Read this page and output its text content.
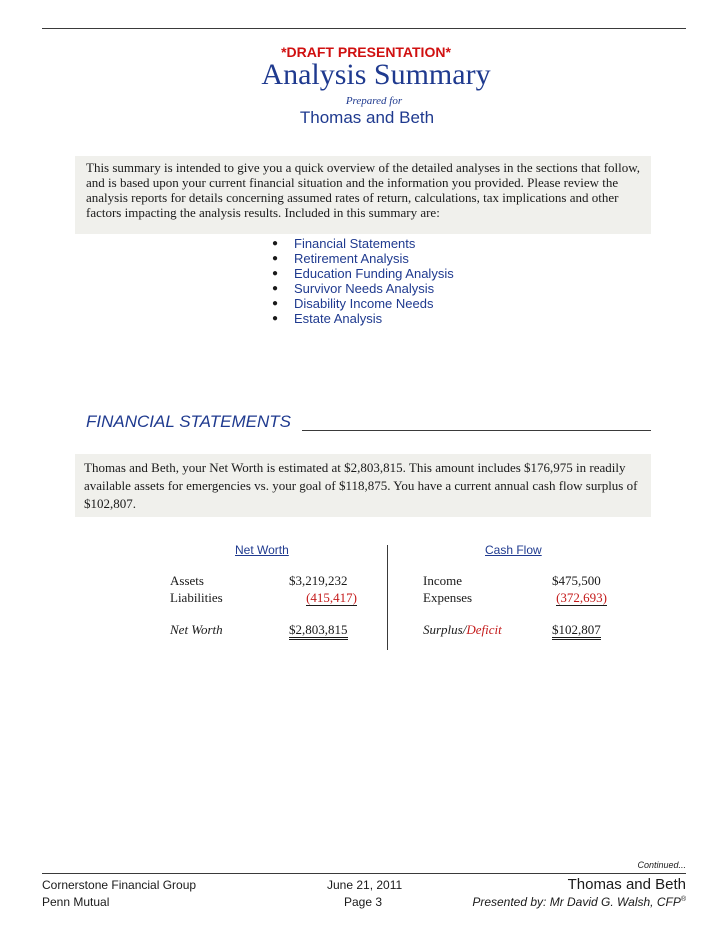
*DRAFT PRESENTATION*
Analysis Summary
Prepared for
Thomas and Beth
This summary is intended to give you a quick overview of the detailed analyses in the sections that follow, and is based upon your current financial situation and the information you provided. Please review the analysis reports for details concerning assumed rates of return, calculations, tax implications and other factors impacting the analysis results. Included in this summary are:
● Financial Statements
● Retirement Analysis
● Education Funding Analysis
● Survivor Needs Analysis
● Disability Income Needs
● Estate Analysis
FINANCIAL STATEMENTS
Thomas and Beth, your Net Worth is estimated at $2,803,815. This amount includes $176,975 in readily available assets for emergencies vs. your goal of $118,875. You have a current annual cash flow surplus of $102,807.
Net Worth
Assets	$3,219,232
Liabilities	(415,417)
Net Worth	$2,803,815
Cash Flow
Income	$475,500
Expenses	(372,693)
Surplus/Deficit	$102,807
Continued...
Cornerstone Financial Group
Penn Mutual
June 21, 2011
Page 3
Thomas and Beth
Presented by: Mr David G. Walsh, CFP®
